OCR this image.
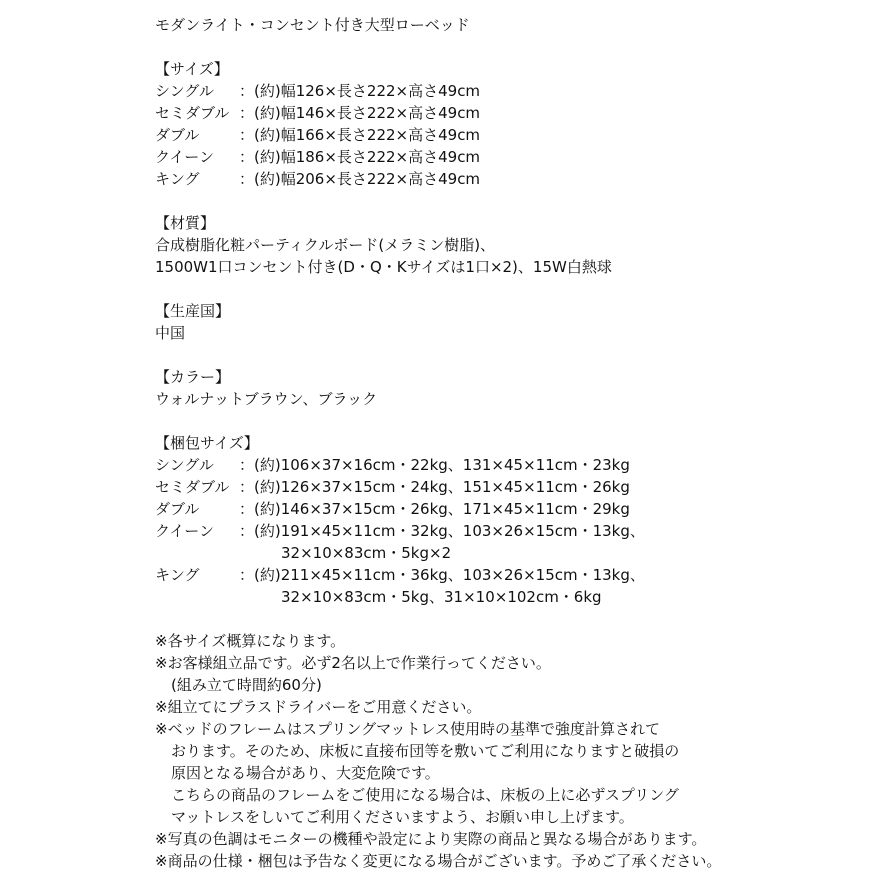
モダンライト・コンセント付き大型ローベッド
【サイズ】
シングル	：(約)幅126×長さ222×高さ49cm
セミダブル ：(約)幅146×長さ222×高さ49cm
ダブル	：(約)幅166×長さ222×高さ49cm
クイーン	：(約)幅186×長さ222×高さ49cm
キング	：(約)幅206×長さ222×高さ49cm
【材質】
合成樹脂化粧パーティクルボード(メラミン樹脂)、
1500W1口コンセント付き(D・Q・Kサイズは1口×2)、15W白熱球
【生産国】
中国
【カラー】
ウォルナットブラウン、ブラック
【梱包サイズ】
シングル	：(約)106×37×16cm・22kg、131×45×11cm・23kg
セミダブル ：(約)126×37×15cm・24kg、151×45×11cm・26kg
ダブル	：(約)146×37×15cm・26kg、171×45×11cm・29kg
クイーン	：(約)191×45×11cm・32kg、103×26×15cm・13kg、
32×10×83cm・5kg×2
キング	：(約)211×45×11cm・36kg、103×26×15cm・13kg、
32×10×83cm・5kg、31×10×102cm・6kg
※各サイズ概算になります。
※お客様組立品です。必ず2名以上で作業行ってください。
(組み立て時間約60分)
※組立てにプラスドライバーをご用意ください。
※ベッドのフレームはスプリングマットレス使用時の基準で強度計算されて
おります。そのため、床板に直接布団等を敷いてご利用になりますと破損の
原因となる場合があり、大変危険です。
こちらの商品のフレームをご使用になる場合は、床板の上に必ずスプリング
マットレスをしいてご利用くださいますよう、お願い申し上げます。
※写真の色調はモニターの機種や設定により実際の商品と異なる場合があります。
※商品の仕様・梱包は予告なく変更になる場合がございます。予めご了承ください。
